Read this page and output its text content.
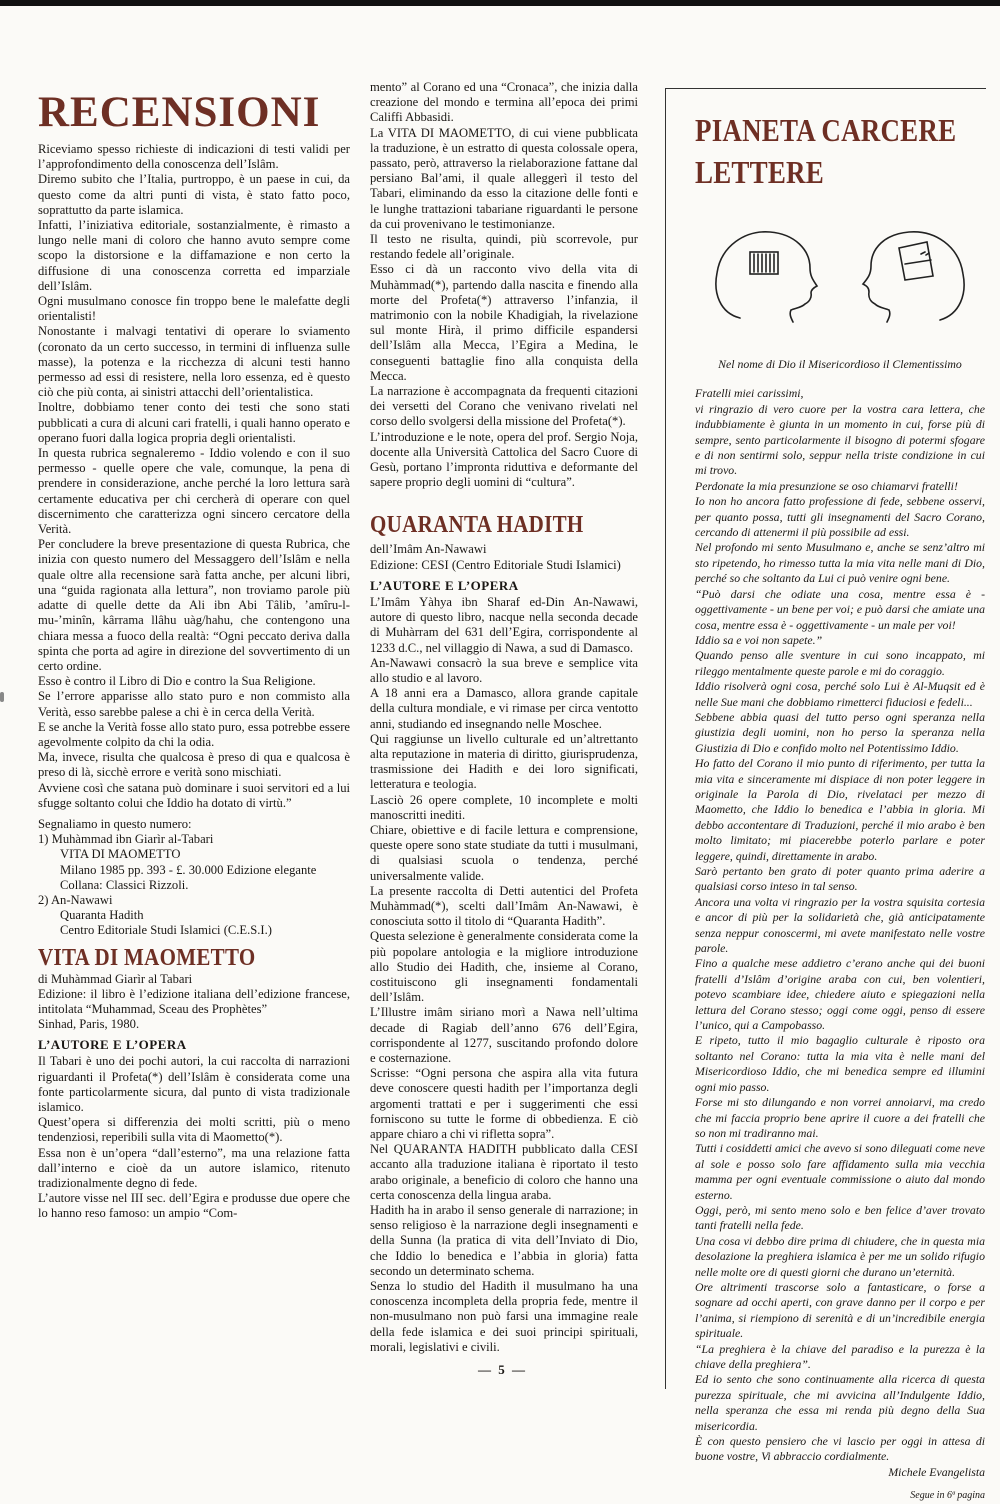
RECENSIONI

Riceviamo spesso richieste di indicazioni di testi validi per l’approfondimento della conoscenza dell’Islâm.

Diremo subito che l’Italia, purtroppo, è un paese in cui, da questo come da altri punti di vista, è stato fatto poco, soprattutto da parte islamica.

Infatti, l’iniziativa editoriale, sostanzialmente, è rimasto a lungo nelle mani di coloro che hanno avuto sempre come scopo la distorsione e la diffamazione e non certo la diffusione di una conoscenza corretta ed imparziale dell’Islâm.

Ogni musulmano conosce fin troppo bene le malefatte degli orientalisti!

Nonostante i malvagi tentativi di operare lo sviamento (coronato da un certo successo, in termini di influenza sulle masse), la potenza e la ricchezza di alcuni testi hanno permesso ad essi di resistere, nella loro essenza, ed è questo ciò che più conta, ai sinistri attacchi dell’orientalistica.

Inoltre, dobbiamo tener conto dei testi che sono stati pubblicati a cura di alcuni cari fratelli, i quali hanno operato e operano fuori dalla logica propria degli orientalisti.

In questa rubrica segnaleremo - Iddio volendo e con il suo permesso - quelle opere che vale, comunque, la pena di prendere in considerazione, anche perché la loro lettura sarà certamente educativa per chi cercherà di operare con quel discernimento che caratterizza ogni sincero cercatore della Verità.

Per concludere la breve presentazione di questa Rubrica, che inizia con questo numero del Messaggero dell’Islâm e nella quale oltre alla recensione sarà fatta anche, per alcuni libri, una “guida ragionata alla lettura”, non troviamo parole più adatte di quelle dette da Ali ibn Abi Tâlib, ’amîru-l-mu-’minîn, kârrama llâhu uàg/hahu, che contengono una chiara messa a fuoco della realtà: “Ogni peccato deriva dalla spinta che porta ad agire in direzione del sovvertimento di un certo ordine.

Esso è contro il Libro di Dio e contro la Sua Religione.

Se l’errore apparisse allo stato puro e non commisto alla Verità, esso sarebbe palese a chi è in cerca della Verità.

E se anche la Verità fosse allo stato puro, essa potrebbe essere agevolmente colpito da chi la odia.

Ma, invece, risulta che qualcosa è preso di qua e qualcosa è preso di là, sicchè errore e verità sono mischiati.

Avviene così che satana può dominare i suoi servitori ed a lui sfugge soltanto colui che Iddio ha dotato di virtù.”

Segnaliamo in questo numero:

1) Muhàmmad ibn Giarìr al-Tabari

VITA DI MAOMETTO

Milano 1985 pp. 393 - £. 30.000 Edizione elegante

Collana: Classici Rizzoli.

2) An-Nawawi

Quaranta Hadith

Centro Editoriale Studi Islamici (C.E.S.I.)

VITA DI MAOMETTO

di Muhàmmad Giarìr al Tabari

Edizione: il libro è l’edizione italiana dell’edizione francese, intitolata “Muhammad, Sceau des Prophètes”

Sinhad, Paris, 1980.

L’AUTORE E L’OPERA

Il Tabari è uno dei pochi autori, la cui raccolta di narrazioni riguardanti il Profeta(*) dell’Islâm è considerata come una fonte particolarmente sicura, dal punto di vista tradizionale islamico.

Quest’opera si differenzia dei molti scritti, più o meno tendenziosi, reperibili sulla vita di Maometto(*).

Essa non è un’opera “dall’esterno”, ma una relazione fatta dall’interno e cioè da un autore islamico, ritenuto tradizionalmente degno di fede.

L’autore visse nel III sec. dell’Egira e produsse due opere che lo hanno reso famoso: un ampio “Com-

mento” al Corano ed una “Cronaca”, che inizia dalla creazione del mondo e termina all’epoca dei primi Califfi Abbasidi.

La VITA DI MAOMETTO, di cui viene pubblicata la traduzione, è un estratto di questa colossale opera, passato, però, attraverso la rielaborazione fattane dal persiano Bal’ami, il quale alleggerì il testo del Tabari, eliminando da esso la citazione delle fonti e le lunghe trattazioni tabariane riguardanti le persone da cui provenivano le testimonianze.

Il testo ne risulta, quindi, più scorrevole, pur restando fedele all’originale.

Esso ci dà un racconto vivo della vita di Muhàmmad(*), partendo dalla nascita e finendo alla morte del Profeta(*) attraverso l’infanzia, il matrimonio con la nobile Khadigiah, la rivelazione sul monte Hirà, il primo difficile espandersi dell’Islâm alla Mecca, l’Egira a Medina, le conseguenti battaglie fino alla conquista della Mecca.

La narrazione è accompagnata da frequenti citazioni dei versetti del Corano che venivano rivelati nel corso dello svolgersi della missione del Profeta(*).

L’introduzione e le note, opera del prof. Sergio Noja, docente alla Università Cattolica del Sacro Cuore di Gesù, portano l’impronta riduttiva e deformante del sapere proprio degli uomini di “cultura”.

QUARANTA HADITH

dell’Imâm An-Nawawi

Edizione: CESI (Centro Editoriale Studi Islamici)

L’AUTORE E L’OPERA

L’Imâm Yàhya ibn Sharaf ed-Din An-Nawawi, autore di questo libro, nacque nella seconda decade di Muhàrram del 631 dell’Egira, corrispondente al 1233 d.C., nel villaggio di Nawa, a sud di Damasco.

An-Nawawi consacrò la sua breve e semplice vita allo studio e al lavoro.

A 18 anni era a Damasco, allora grande capitale della cultura mondiale, e vi rimase per circa ventotto anni, studiando ed insegnando nelle Moschee.

Qui raggiunse un livello culturale ed un’altrettanto alta reputazione in materia di diritto, giurisprudenza, trasmissione dei Hadith e dei loro significati, letteratura e teologia.

Lasciò 26 opere complete, 10 incomplete e molti manoscritti inediti.

Chiare, obiettive e di facile lettura e comprensione, queste opere sono state studiate da tutti i musulmani, di qualsiasi scuola o tendenza, perché universalmente valide.

La presente raccolta di Detti autentici del Profeta Muhàmmad(*), scelti dall’Imâm An-Nawawi, è conosciuta sotto il titolo di “Quaranta Hadith”.

Questa selezione è generalmente considerata come la più popolare antologia e la migliore introduzione allo Studio dei Hadith, che, insieme al Corano, costituiscono gli insegnamenti fondamentali dell’Islâm.

L’Illustre imâm siriano morì a Nawa nell’ultima decade di Ragiab dell’anno 676 dell’Egira, corrispondente al 1277, suscitando profondo dolore e costernazione.

Scrisse: “Ogni persona che aspira alla vita futura deve conoscere questi hadith per l’importanza degli argomenti trattati e per i suggerimenti che essi forniscono su tutte le forme di obbedienza. E ciò appare chiaro a chi vi rifletta sopra”.

Nel QUARANTA HADITH pubblicato dalla CESI accanto alla traduzione italiana è riportato il testo arabo originale, a beneficio di coloro che hanno una certa conoscenza della lingua araba.

Hadith ha in arabo il senso generale di narrazione; in senso religioso è la narrazione degli insegnamenti e della Sunna (la pratica di vita dell’Inviato di Dio, che Iddio lo benedica e l’abbia in gloria) fatta secondo un determinato schema.

Senza lo studio del Hadith il musulmano ha una conoscenza incompleta della propria fede, mentre il non-musulmano non può farsi una immagine reale della fede islamica e dei suoi principi spirituali, morali, legislativi e civili.

PIANETA CARCERE
LETTERE

Nel nome di Dio il Misericordioso il Clementissimo

Fratelli miei carissimi,

vi ringrazio di vero cuore per la vostra cara lettera, che indubbiamente è giunta in un momento in cui, forse più di sempre, sento particolarmente il bisogno di potermi sfogare e di non sentirmi solo, seppur nella triste condizione in cui mi trovo.

Perdonate la mia presunzione se oso chiamarvi fratelli!

Io non ho ancora fatto professione di fede, sebbene osservi, per quanto possa, tutti gli insegnamenti del Sacro Corano, cercando di attenermi il più possibile ad essi.

Nel profondo mi sento Musulmano e, anche se senz’altro mi sto ripetendo, ho rimesso tutta la mia vita nelle mani di Dio, perché so che soltanto da Lui ci può venire ogni bene.

“Può darsi che odiate una cosa, mentre essa è - oggettivamente - un bene per voi; e può darsi che amiate una cosa, mentre essa è - oggettivamente - un male per voi!

Iddio sa e voi non sapete.”

Quando penso alle sventure in cui sono incappato, mi rileggo mentalmente queste parole e mi do coraggio.

Iddio risolverà ogni cosa, perché solo Lui è Al-Muqsit ed è nelle Sue mani che dobbiamo rimetterci fiduciosi e fedeli...

Sebbene abbia quasi del tutto perso ogni speranza nella giustizia degli uomini, non ho perso la speranza nella Giustizia di Dio e confido molto nel Potentissimo Iddio.

Ho fatto del Corano il mio punto di riferimento, per tutta la mia vita e sinceramente mi dispiace di non poter leggere in originale la Parola di Dio, rivelataci per mezzo di Maometto, che Iddio lo benedica e l’abbia in gloria. Mi debbo accontentare di Traduzioni, perché il mio arabo è ben molto limitato; mi piacerebbe poterlo parlare e poter leggere, quindi, direttamente in arabo.

Sarò pertanto ben grato di poter quanto prima aderire a qualsiasi corso inteso in tal senso.

Ancora una volta vi ringrazio per la vostra squisita cortesia e ancor di più per la solidarietà che, già anticipatamente senza neppur conoscermi, mi avete manifestato nelle vostre parole.

Fino a qualche mese addietro c’erano anche qui dei buoni fratelli d’Islâm d’origine araba con cui, ben volentieri, potevo scambiare idee, chiedere aiuto e spiegazioni nella lettura del Corano stesso; oggi come oggi, penso di essere l’unico, qui a Campobasso.

E ripeto, tutto il mio bagaglio culturale è riposto ora soltanto nel Corano: tutta la mia vita è nelle mani del Misericordioso Iddio, che mi benedica sempre ed illumini ogni mio passo.

Forse mi sto dilungando e non vorrei annoiarvi, ma credo che mi faccia proprio bene aprire il cuore a dei fratelli che so non mi tradiranno mai.

Tutti i cosiddetti amici che avevo si sono dileguati come neve al sole e posso solo fare affidamento sulla mia vecchia mamma per ogni eventuale commissione o aiuto dal mondo esterno.

Oggi, però, mi sento meno solo e ben felice d’aver trovato tanti fratelli nella fede.

Una cosa vi debbo dire prima di chiudere, che in questa mia desolazione la preghiera islamica è per me un solido rifugio nelle molte ore di questi giorni che durano un’eternità.

Ore altrimenti trascorse solo a fantasticare, o forse a sognare ad occhi aperti, con grave danno per il corpo e per l’anima, si riempiono di serenità e di un’incredibile energia spirituale.

“La preghiera è la chiave del paradiso e la purezza è la chiave della preghiera”.

Ed io sento che sono continuamente alla ricerca di questa purezza spirituale, che mi avvicina all’Indulgente Iddio, nella speranza che essa mi renda più degno della Sua misericordia.

È con questo pensiero che vi lascio per oggi in attesa di buone vostre, Vi abbraccio cordialmente.

Michele Evangelista

Segue in 6ª pagina

— 5 —
